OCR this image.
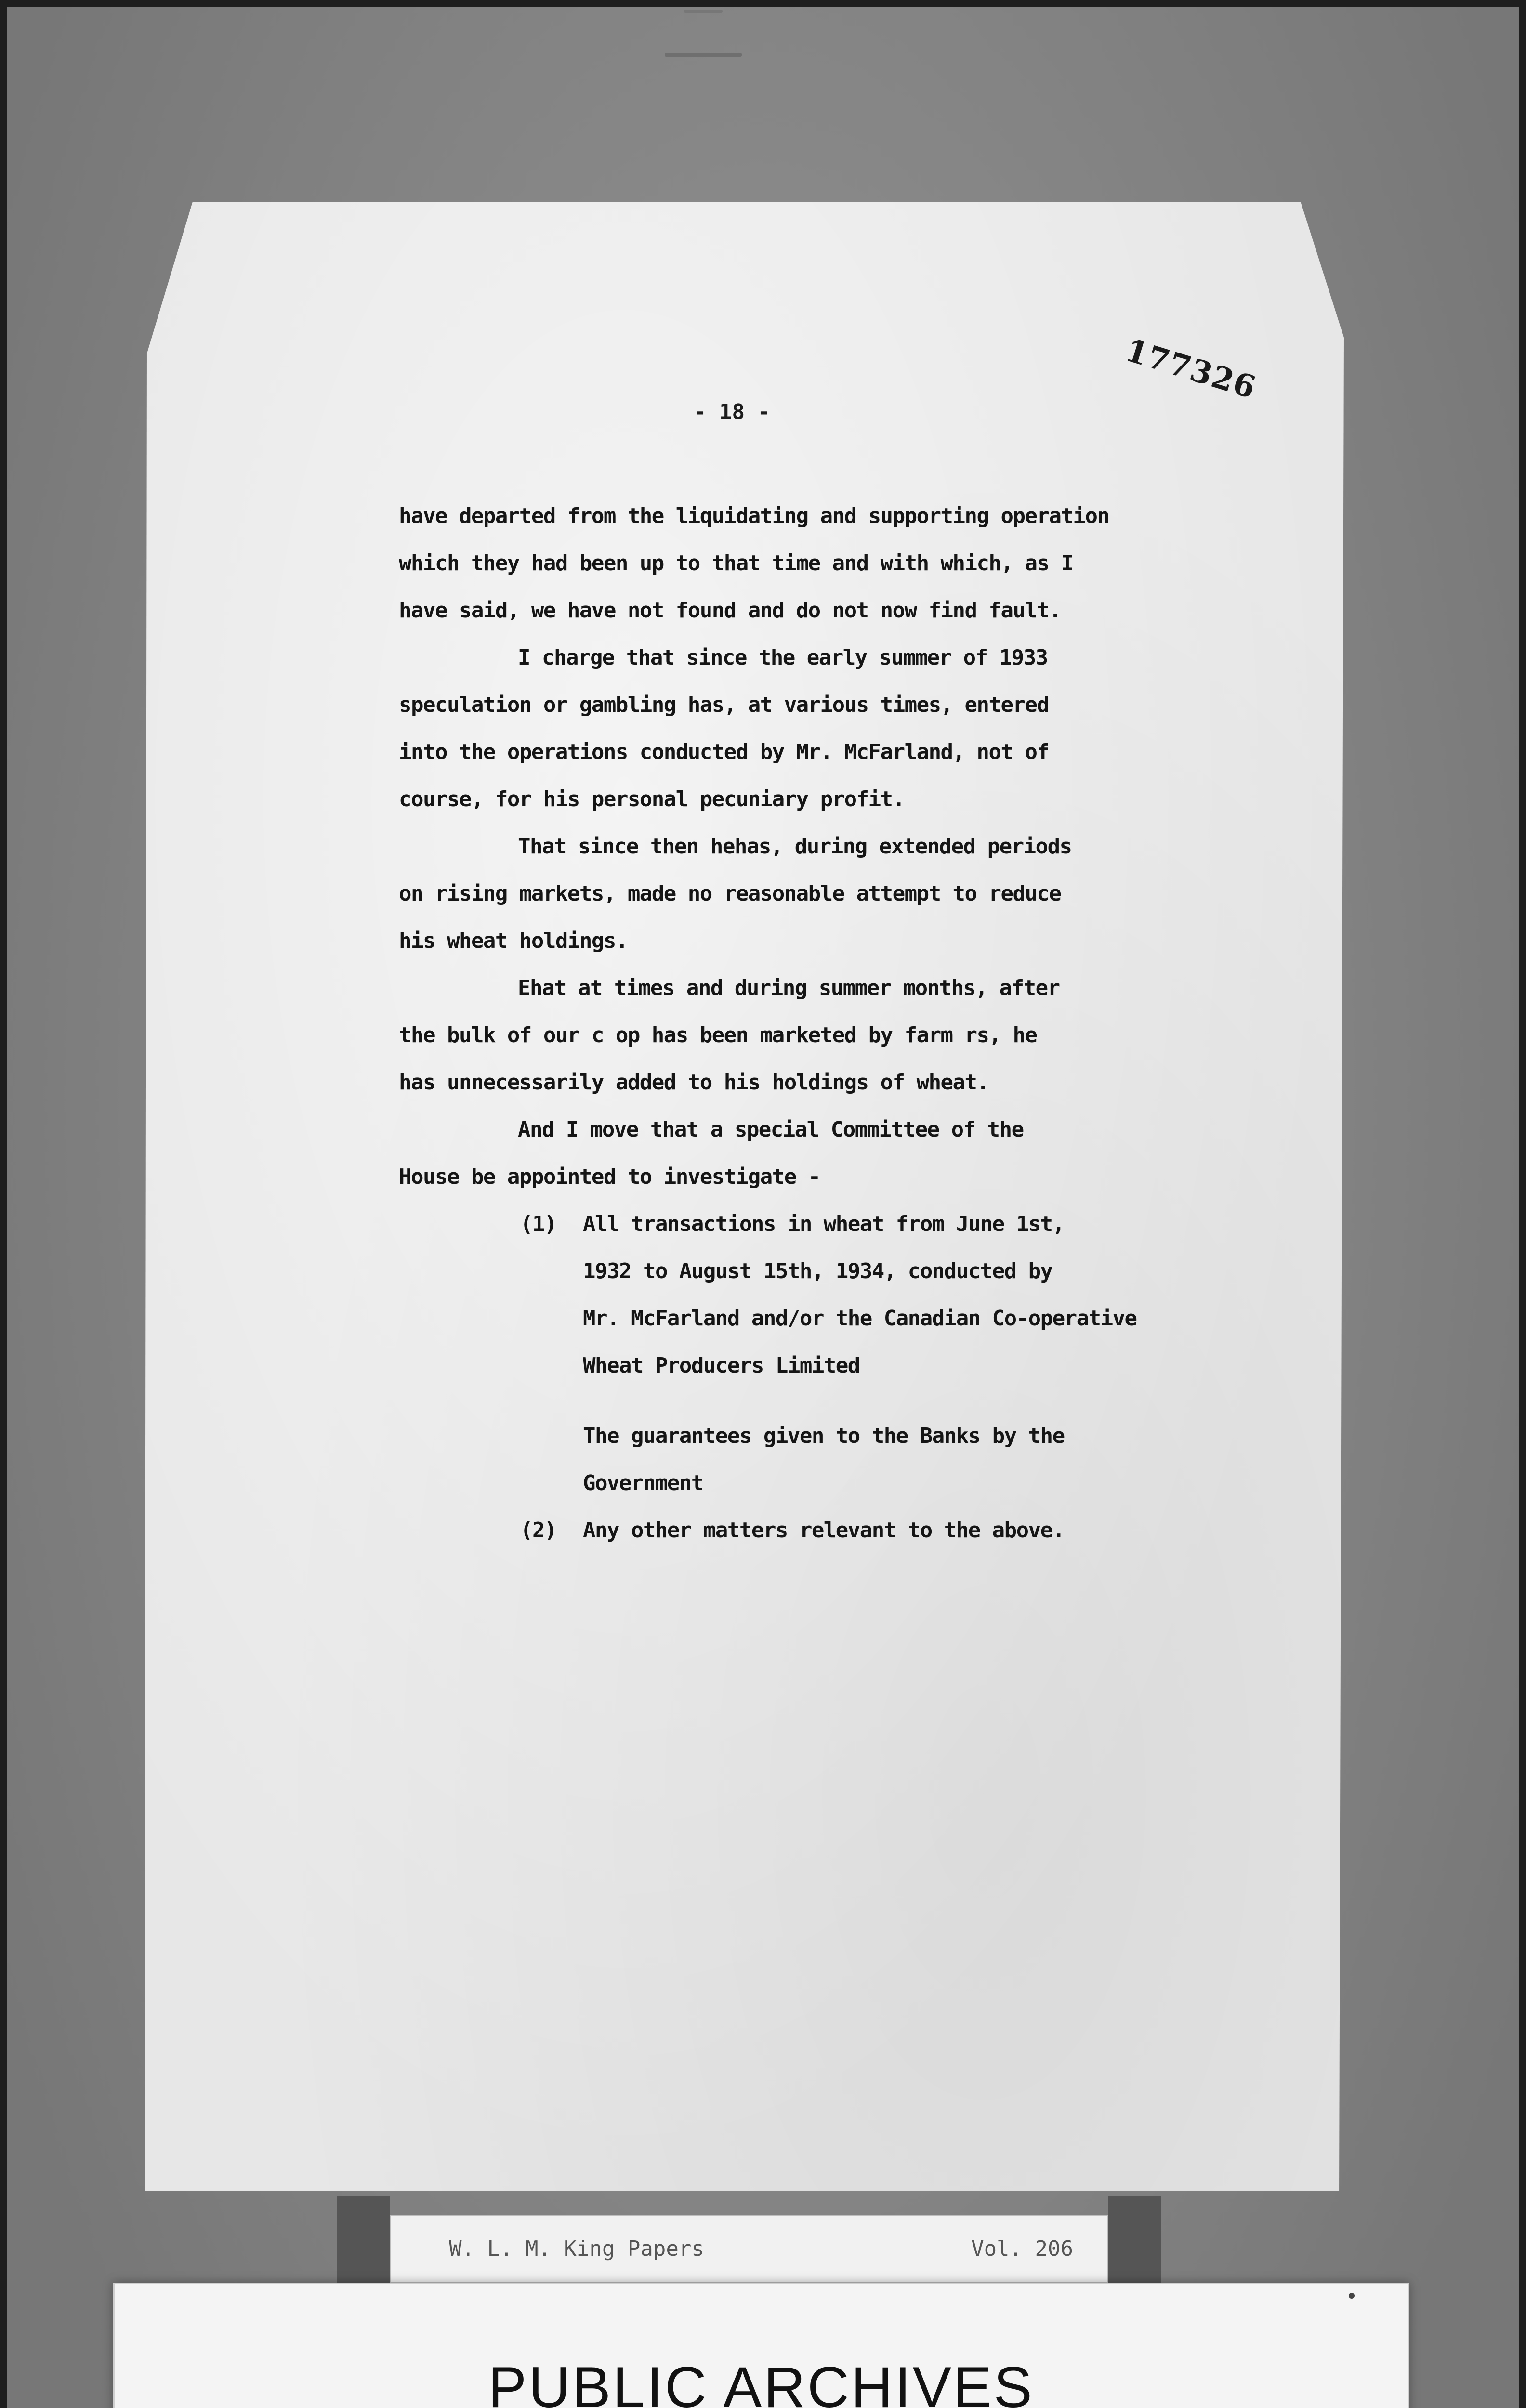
177326
- 18 -
have departed from the liquidating and supporting operation
which they had been up to that time and with which, as I
have said, we have not found and do not now find fault.
I charge that since the early summer of 1933
speculation or gambling has, at various times, entered
into the operations conducted by Mr. McFarland, not of
course, for his personal pecuniary profit.
That since then hehas, during extended periods
on rising markets, made no reasonable attempt to reduce
his wheat holdings.
Ehat at times and during summer months, after
the bulk of our c op has been marketed by farm rs, he
has unnecessarily added to his holdings of wheat.
And I move that a special Committee of the
House be appointed to investigate -
(1) All transactions in wheat from June 1st,
1932 to August 15th, 1934, conducted by
Mr. McFarland and/or the Canadian Co-operative
Wheat Producers Limited
The guarantees given to the Banks by the
Government
(2) Any other matters relevant to the above.
W. L. M. King Papers	Vol. 206
PUBLIC ARCHIVES
